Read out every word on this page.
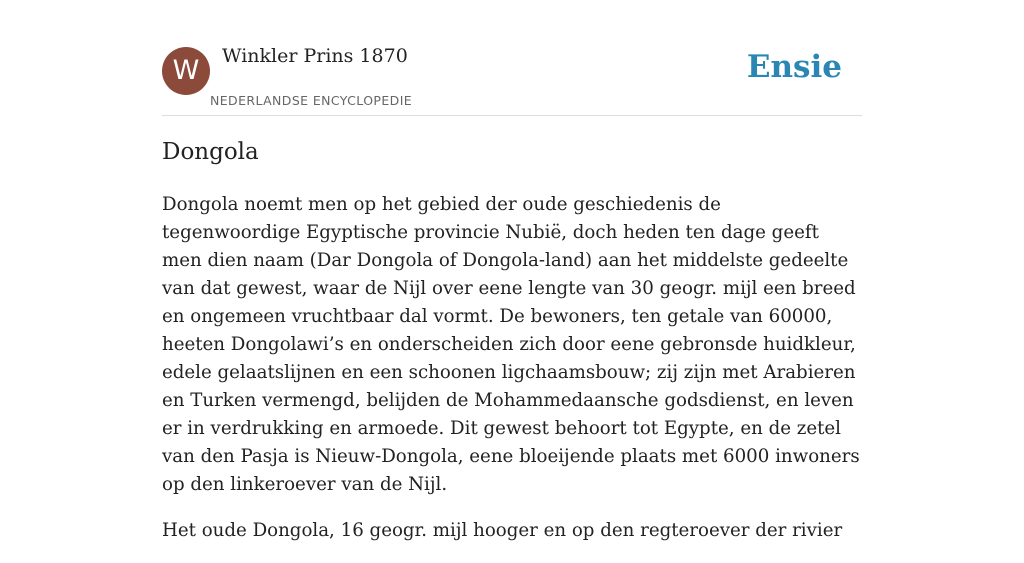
W	Winkler Prins 1870
NEDERLANDSE ENCYCLOPEDIE
Ensie
Dongola

Dongola noemt men op het gebied der oude geschiedenis de tegenwoordige Egyptische provincie Nubië, doch heden ten dage geeft men dien naam (Dar Dongola of Dongola-land) aan het middelste gedeelte van dat gewest, waar de Nijl over eene lengte van 30 geogr. mijl een breed en ongemeen vruchtbaar dal vormt. De bewoners, ten getale van 60000, heeten Dongolawi’s en onderscheiden zich door eene gebronsde huidkleur, edele gelaatslijnen en een schoonen ligchaamsbouw; zij zijn met Arabieren en Turken vermengd, belijden de Mohammedaansche godsdienst, en leven er in verdrukking en armoede. Dit gewest behoort tot Egypte, en de zetel van den Pasja is Nieuw-Dongola, eene bloeijende plaats met 6000 inwoners op den linkeroever van de Nijl.

Het oude Dongola, 16 geogr. mijl hooger en op den regteroever der rivier
